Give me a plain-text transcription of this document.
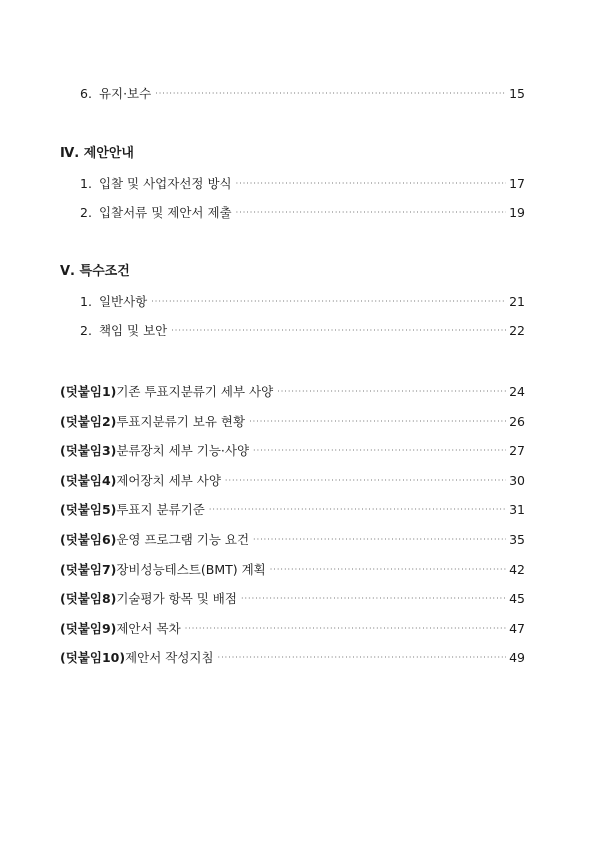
6. 유지·보수 ·····	15
Ⅳ. 제안안내
1. 입찰 및 사업자선정 방식 ·····	17
2. 입찰서류 및 제안서 제출 ·····	19
Ⅴ. 특수조건
1. 일반사항 ·····	21
2. 책임 및 보안 ·····	22
(덧붙임1) 기존 투표지분류기 세부 사양 ·····	24
(덧붙임2) 투표지분류기 보유 현황 ·····	26
(덧붙임3) 분류장치 세부 기능·사양 ·····	27
(덧붙임4) 제어장치 세부 사양 ·····	30
(덧붙임5) 투표지 분류기준 ·····	31
(덧붙임6) 운영 프로그램 기능 요건 ·····	35
(덧붙임7) 장비성능테스트(BMT) 계획 ·····	42
(덧붙임8) 기술평가 항목 및 배점 ·····	45
(덧붙임9) 제안서 목차 ·····	47
(덧붙임10) 제안서 작성지침 ·····	49
